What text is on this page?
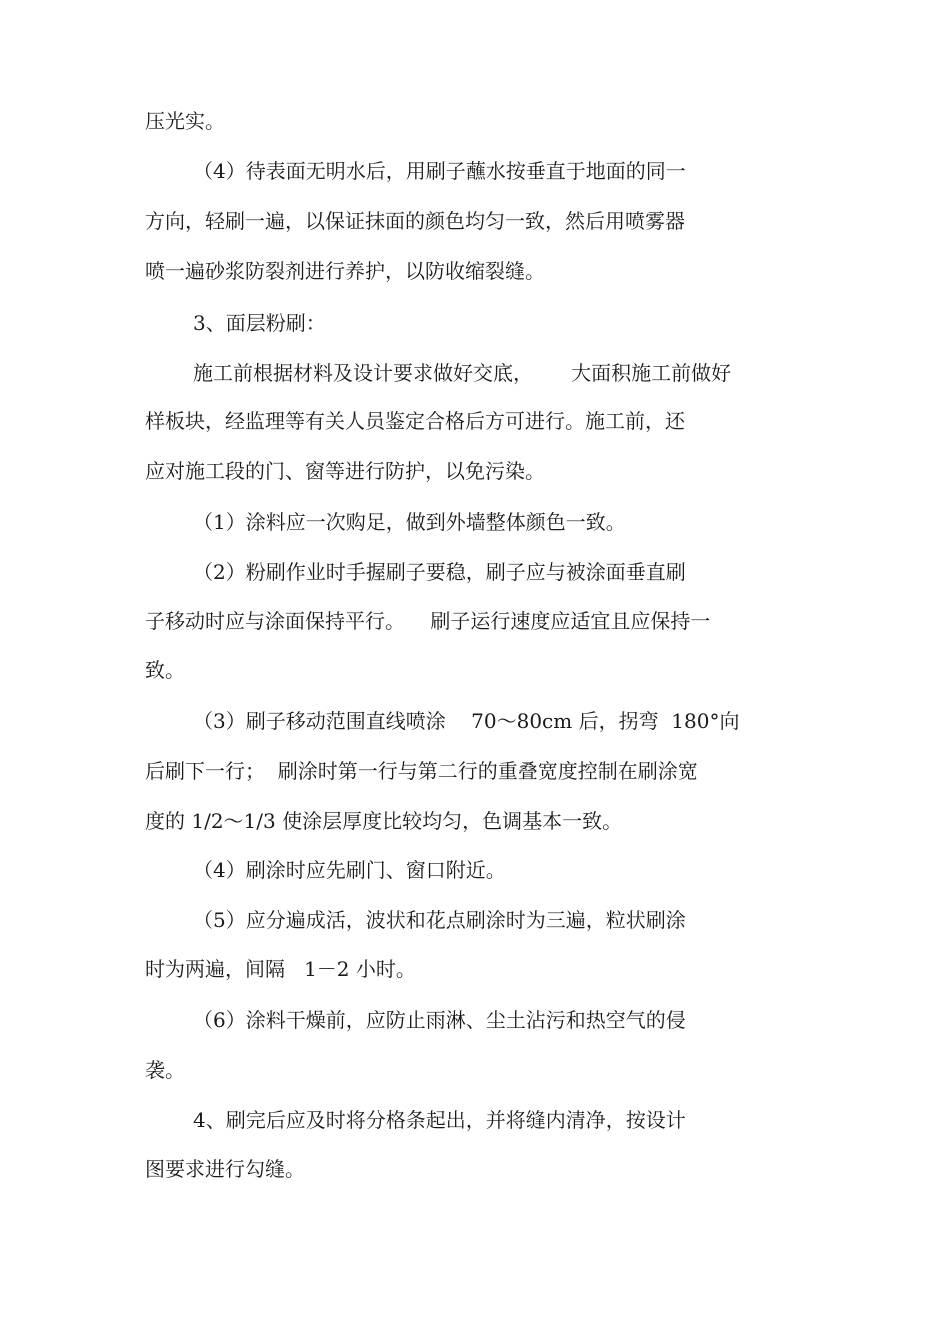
压光实。
（4）待表面无明水后，用刷子蘸水按垂直于地面的同一
方向，轻刷一遍，以保证抹面的颜色均匀一致，然后用喷雾器
喷一遍砂浆防裂剂进行养护，以防收缩裂缝。
3、面层粉刷：
施工前根据材料及设计要求做好交底，      大面积施工前做好
样板块，经监理等有关人员鉴定合格后方可进行。施工前，还
应对施工段的门、窗等进行防护，以免污染。
（1）涂料应一次购足，做到外墙整体颜色一致。
（2）粉刷作业时手握刷子要稳，刷子应与被涂面垂直刷
子移动时应与涂面保持平行。    刷子运行速度应适宜且应保持一
致。
（3）刷子移动范围直线喷涂    70～80cm 后，拐弯  180°向
后刷下一行；  刷涂时第一行与第二行的重叠宽度控制在刷涂宽
度的 1/2～1/3 使涂层厚度比较均匀，色调基本一致。
（4）刷涂时应先刷门、窗口附近。
（5）应分遍成活，波状和花点刷涂时为三遍，粒状刷涂
时为两遍，间隔   1－2 小时。
（6）涂料干燥前，应防止雨淋、尘土沾污和热空气的侵
袭。
4、刷完后应及时将分格条起出，并将缝内清净，按设计
图要求进行勾缝。
